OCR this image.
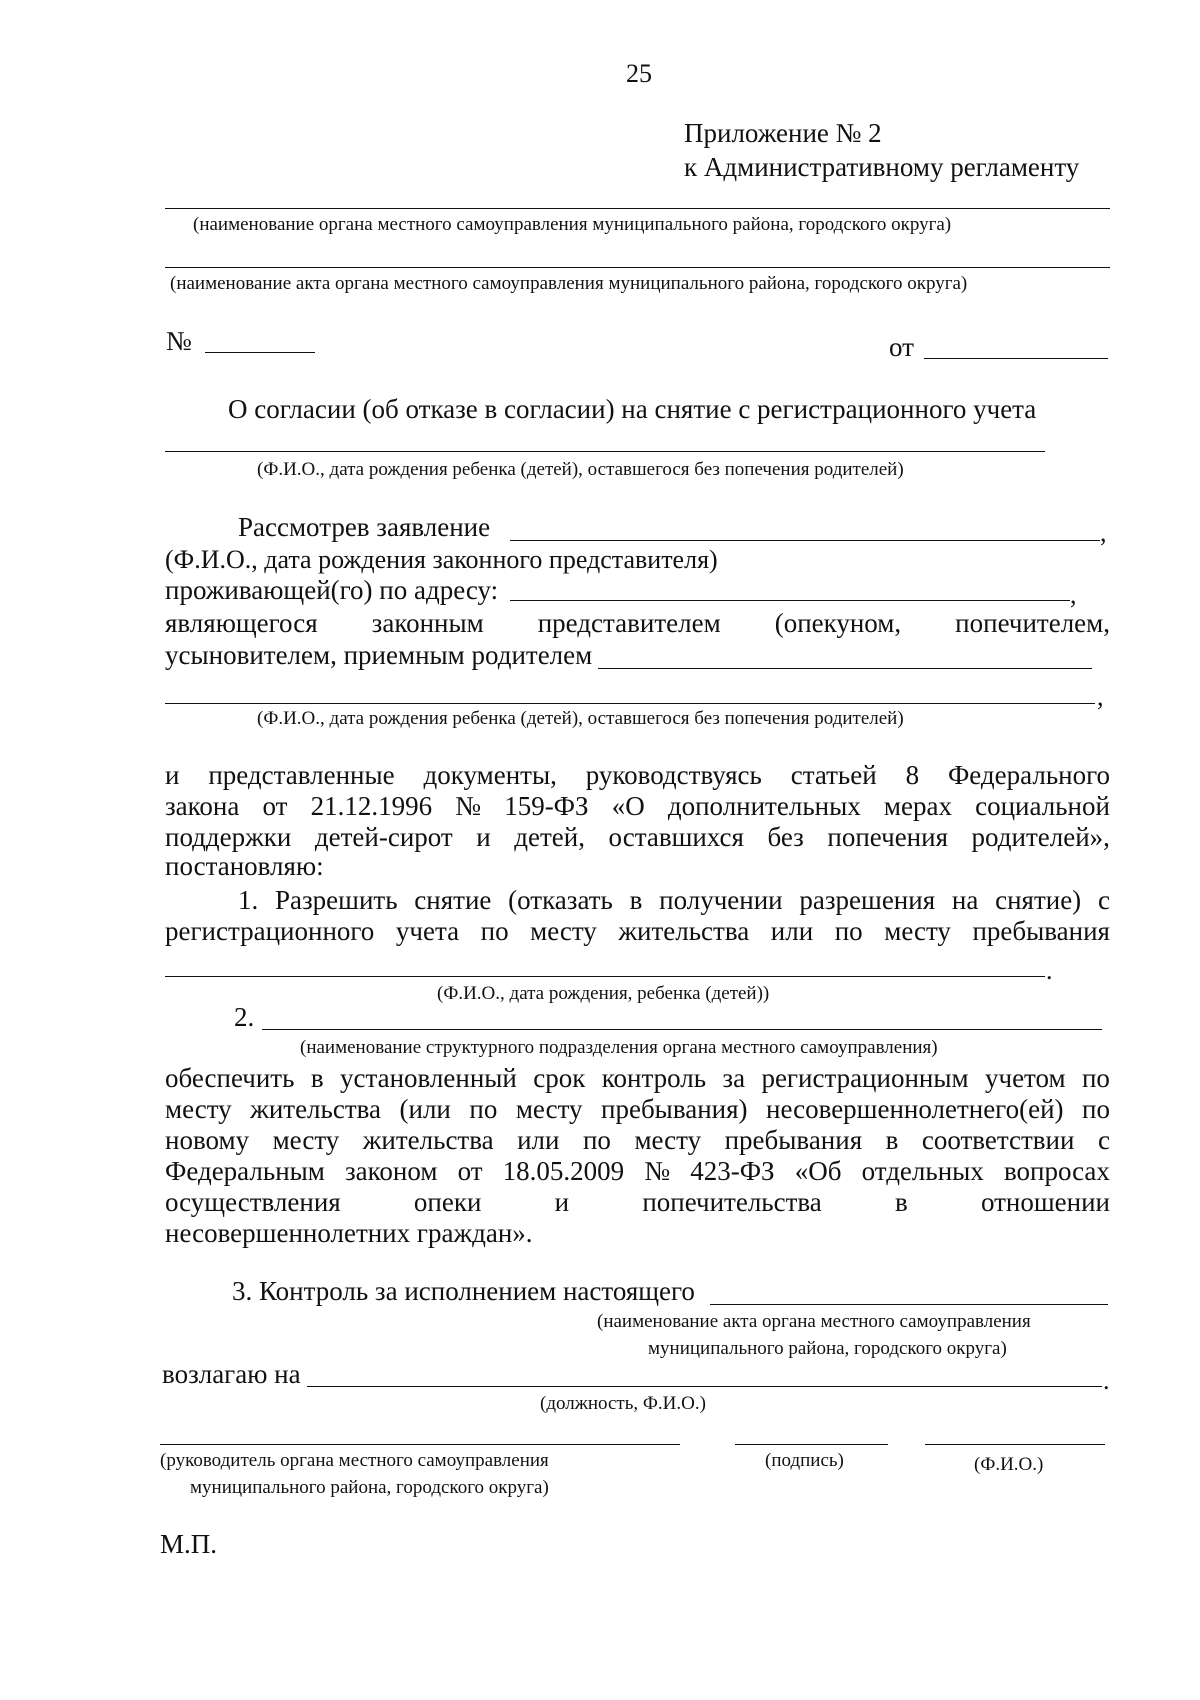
25
Приложение № 2
к Административному регламенту
(наименование органа местного самоуправления муниципального района, городского округа)
(наименование акта органа местного самоуправления муниципального района, городского округа)
№	от
О согласии (об отказе в согласии) на снятие с регистрационного учета
(Ф.И.О., дата рождения ребенка (детей), оставшегося без попечения родителей)
Рассмотрев заявление	,
(Ф.И.О., дата рождения законного представителя)
проживающей(го) по адресу:	,
являющегося законным представителем (опекуном, попечителем,
усыновителем, приемным родителем
,
(Ф.И.О., дата рождения ребенка (детей), оставшегося без попечения родителей)
и представленные документы, руководствуясь статьей 8 Федерального
закона от 21.12.1996 № 159-ФЗ «О дополнительных мерах социальной
поддержки детей-сирот и детей, оставшихся без попечения родителей»,
постановляю:
1. Разрешить снятие (отказать в получении разрешения на снятие) с
регистрационного учета по месту жительства или по месту пребывания
.
(Ф.И.О., дата рождения, ребенка (детей))
2.
(наименование структурного подразделения органа местного самоуправления)
обеспечить в установленный срок контроль за регистрационным учетом по
месту жительства (или по месту пребывания) несовершеннолетнего(ей) по
новому месту жительства или по месту пребывания в соответствии с
Федеральным законом от 18.05.2009 № 423-ФЗ «Об отдельных вопросах
осуществления	опеки	и	попечительства	в	отношении
несовершеннолетних граждан».
3. Контроль за исполнением настоящего
(наименование акта органа местного самоуправления
муниципального района, городского округа)
возлагаю на	.
(должность, Ф.И.О.)
(руководитель органа местного самоуправления
муниципального района, городского округа)
(подпись)	(Ф.И.О.)
М.П.
